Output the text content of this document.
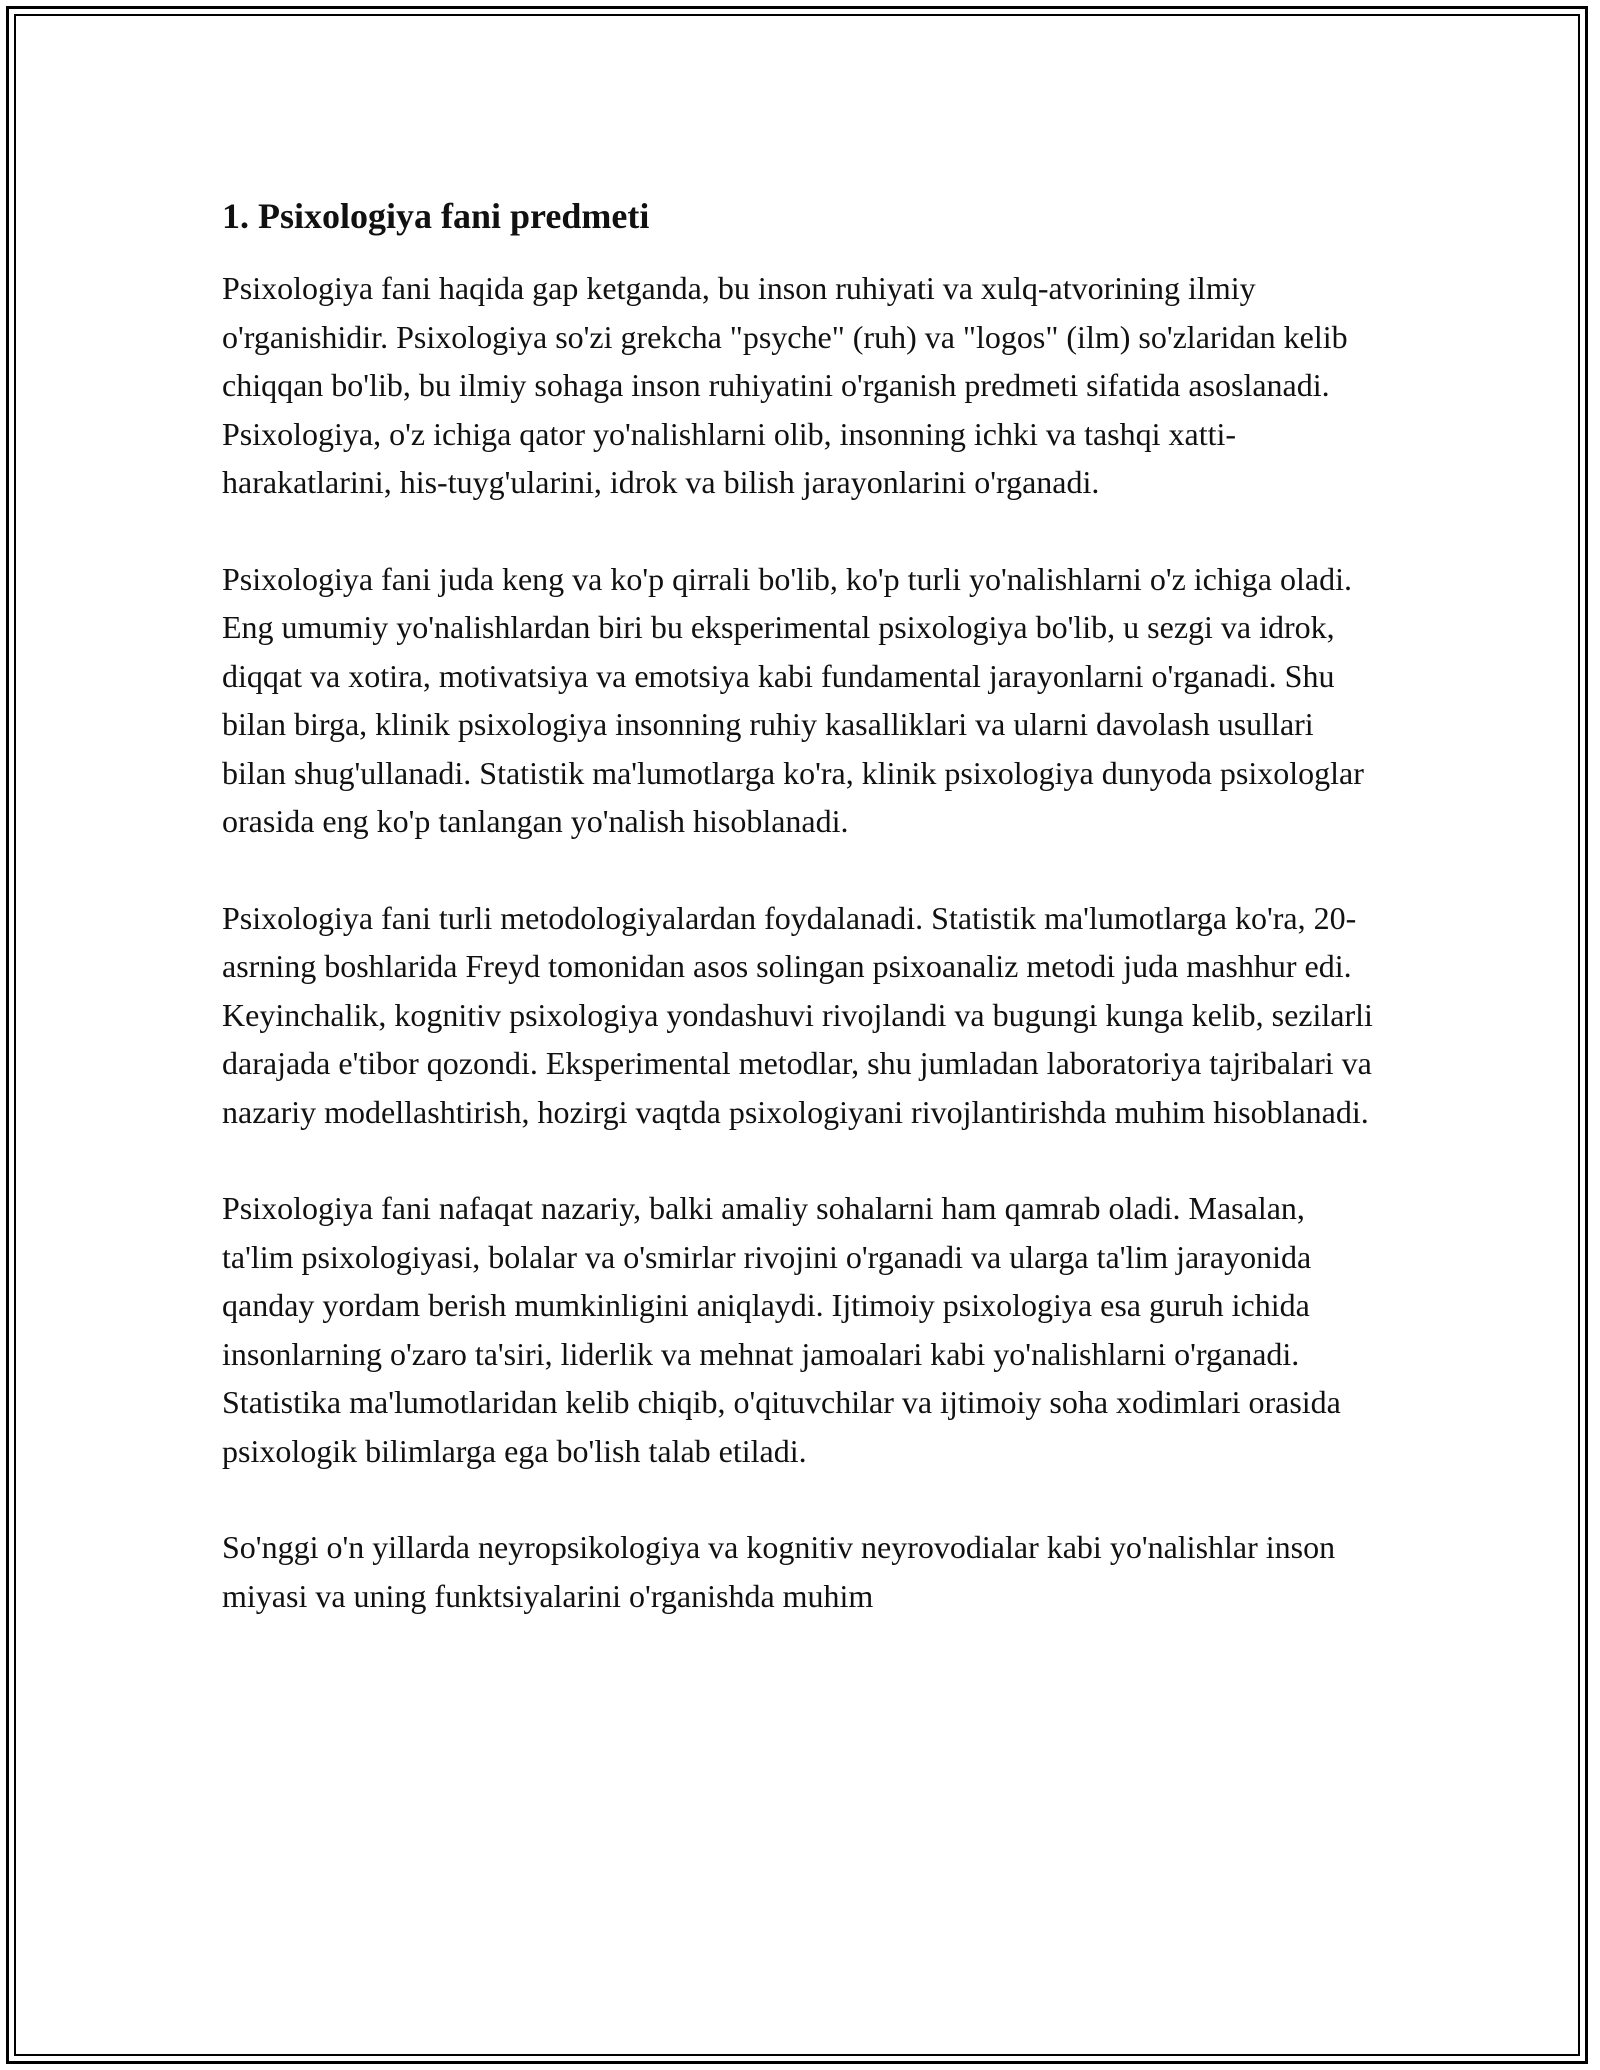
1. Psixologiya fani predmeti

Psixologiya fani haqida gap ketganda, bu inson ruhiyati va xulq-atvorining ilmiy o'rganishidir. Psixologiya so'zi grekcha "psyche" (ruh) va "logos" (ilm) so'zlaridan kelib chiqqan bo'lib, bu ilmiy sohaga inson ruhiyatini o'rganish predmeti sifatida asoslanadi. Psixologiya, o'z ichiga qator yo'nalishlarni olib, insonning ichki va tashqi xatti-harakatlarini, his-tuyg'ularini, idrok va bilish jarayonlarini o'rganadi.

Psixologiya fani juda keng va ko'p qirrali bo'lib, ko'p turli yo'nalishlarni o'z ichiga oladi. Eng umumiy yo'nalishlardan biri bu eksperimental psixologiya bo'lib, u sezgi va idrok, diqqat va xotira, motivatsiya va emotsiya kabi fundamental jarayonlarni o'rganadi. Shu bilan birga, klinik psixologiya insonning ruhiy kasalliklari va ularni davolash usullari bilan shug'ullanadi. Statistik ma'lumotlarga ko'ra, klinik psixologiya dunyoda psixologlar orasida eng ko'p tanlangan yo'nalish hisoblanadi.

Psixologiya fani turli metodologiyalardan foydalanadi. Statistik ma'lumotlarga ko'ra, 20-asrning boshlarida Freyd tomonidan asos solingan psixoanaliz metodi juda mashhur edi. Keyinchalik, kognitiv psixologiya yondashuvi rivojlandi va bugungi kunga kelib, sezilarli darajada e'tibor qozondi. Eksperimental metodlar, shu jumladan laboratoriya tajribalari va nazariy modellashtirish, hozirgi vaqtda psixologiyani rivojlantirishda muhim hisoblanadi.

Psixologiya fani nafaqat nazariy, balki amaliy sohalarni ham qamrab oladi. Masalan, ta'lim psixologiyasi, bolalar va o'smirlar rivojini o'rganadi va ularga ta'lim jarayonida qanday yordam berish mumkinligini aniqlaydi. Ijtimoiy psixologiya esa guruh ichida insonlarning o'zaro ta'siri, liderlik va mehnat jamoalari kabi yo'nalishlarni o'rganadi. Statistika ma'lumotlaridan kelib chiqib, o'qituvchilar va ijtimoiy soha xodimlari orasida psixologik bilimlarga ega bo'lish talab etiladi.

So'nggi o'n yillarda neyropsikologiya va kognitiv neyrovodialar kabi yo'nalishlar inson miyasi va uning funktsiyalarini o'rganishda muhim
